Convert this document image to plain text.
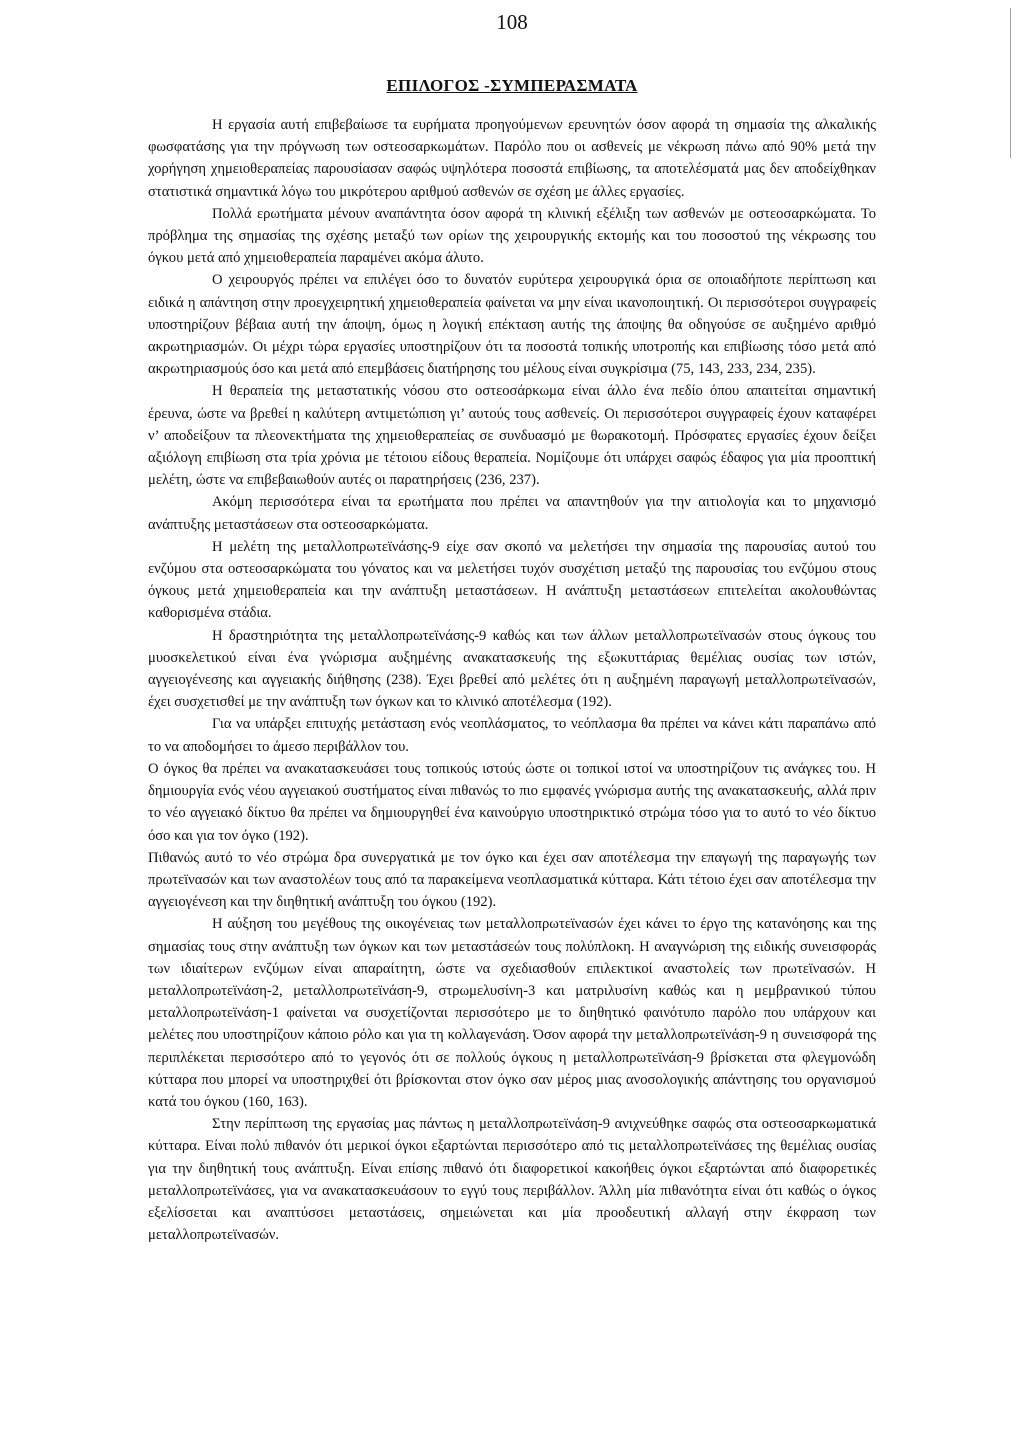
108
ΕΠΙΛΟΓΟΣ -ΣΥΜΠΕΡΑΣΜΑΤΑ

Η εργασία αυτή επιβεβαίωσε τα ευρήματα προηγούμενων ερευνητών όσον αφορά τη σημασία της αλκαλικής φωσφατάσης για την πρόγνωση των οστεοσαρκωμάτων. Παρόλο που οι ασθενείς με νέκρωση πάνω από 90% μετά την χορήγηση χημειοθεραπείας παρουσίασαν σαφώς υψηλότερα ποσοστά επιβίωσης, τα αποτελέσματά μας δεν αποδείχθηκαν στατιστικά σημαντικά λόγω του μικρότερου αριθμού ασθενών σε σχέση με άλλες εργασίες.

Πολλά ερωτήματα μένουν αναπάντητα όσον αφορά τη κλινική εξέλιξη των ασθενών με οστεοσαρκώματα. Το πρόβλημα της σημασίας της σχέσης μεταξύ των ορίων της χειρουργικής εκτομής και του ποσοστού της νέκρωσης του όγκου μετά από χημειοθεραπεία παραμένει ακόμα άλυτο.

Ο χειρουργός πρέπει να επιλέγει όσο το δυνατόν ευρύτερα χειρουργικά όρια σε οποιαδήποτε περίπτωση και ειδικά η απάντηση στην προεγχειρητική χημειοθεραπεία φαίνεται να μην είναι ικανοποιητική. Οι περισσότεροι συγγραφείς υποστηρίζουν βέβαια αυτή την άποψη, όμως η λογική επέκταση αυτής της άποψης θα οδηγούσε σε αυξημένο αριθμό ακρωτηριασμών. Οι μέχρι τώρα εργασίες υποστηρίζουν ότι τα ποσοστά τοπικής υποτροπής και επιβίωσης τόσο μετά από ακρωτηριασμούς όσο και μετά από επεμβάσεις διατήρησης του μέλους είναι συγκρίσιμα (75, 143, 233, 234, 235).

Η θεραπεία της μεταστατικής νόσου στο οστεοσάρκωμα είναι άλλο ένα πεδίο όπου απαιτείται σημαντική έρευνα, ώστε να βρεθεί η καλύτερη αντιμετώπιση γι’ αυτούς τους ασθενείς. Οι περισσότεροι συγγραφείς έχουν καταφέρει ν’ αποδείξουν τα πλεονεκτήματα της χημειοθεραπείας σε συνδυασμό με θωρακοτομή. Πρόσφατες εργασίες έχουν δείξει αξιόλογη επιβίωση στα τρία χρόνια με τέτοιου είδους θεραπεία. Νομίζουμε ότι υπάρχει σαφώς έδαφος για μία προοπτική μελέτη, ώστε να επιβεβαιωθούν αυτές οι παρατηρήσεις (236, 237).

Ακόμη περισσότερα είναι τα ερωτήματα που πρέπει να απαντηθούν για την αιτιολογία και το μηχανισμό ανάπτυξης μεταστάσεων στα οστεοσαρκώματα.

Η μελέτη της μεταλλοπρωτεϊνάσης-9 είχε σαν σκοπό να μελετήσει την σημασία της παρουσίας αυτού του ενζύμου στα οστεοσαρκώματα του γόνατος και να μελετήσει τυχόν συσχέτιση μεταξύ της παρουσίας του ενζύμου στους όγκους μετά χημειοθεραπεία και την ανάπτυξη μεταστάσεων. Η ανάπτυξη μεταστάσεων επιτελείται ακολουθώντας καθορισμένα στάδια.

Η δραστηριότητα της μεταλλοπρωτεϊνάσης-9 καθώς και των άλλων μεταλλοπρωτεϊνασών στους όγκους του μυοσκελετικού είναι ένα γνώρισμα αυξημένης ανακατασκευής της εξωκυττάριας θεμέλιας ουσίας των ιστών, αγγειογένεσης και αγγειακής διήθησης (238). Έχει βρεθεί από μελέτες ότι η αυξημένη παραγωγή μεταλλοπρωτεϊνασών, έχει συσχετισθεί με την ανάπτυξη των όγκων και το κλινικό αποτέλεσμα (192).

Για να υπάρξει επιτυχής μετάσταση ενός νεοπλάσματος, το νεόπλασμα θα πρέπει να κάνει κάτι παραπάνω από το να αποδομήσει το άμεσο περιβάλλον του.

Ο όγκος θα πρέπει να ανακατασκευάσει τους τοπικούς ιστούς ώστε οι τοπικοί ιστοί να υποστηρίζουν τις ανάγκες του. Η δημιουργία ενός νέου αγγειακού συστήματος είναι πιθανώς το πιο εμφανές γνώρισμα αυτής της ανακατασκευής, αλλά πριν το νέο αγγειακό δίκτυο θα πρέπει να δημιουργηθεί ένα καινούργιο υποστηρικτικό στρώμα τόσο για το αυτό το νέο δίκτυο όσο και για τον όγκο (192).

Πιθανώς αυτό το νέο στρώμα δρα συνεργατικά με τον όγκο και έχει σαν αποτέλεσμα την επαγωγή της παραγωγής των πρωτεϊνασών και των αναστολέων τους από τα παρακείμενα νεοπλασματικά κύτταρα. Κάτι τέτοιο έχει σαν αποτέλεσμα την αγγειογένεση και την διηθητική ανάπτυξη του όγκου (192).

Η αύξηση του μεγέθους της οικογένειας των μεταλλοπρωτεϊνασών έχει κάνει το έργο της κατανόησης και της σημασίας τους στην ανάπτυξη των όγκων και των μεταστάσεών τους πολύπλοκη. Η αναγνώριση της ειδικής συνεισφοράς των ιδιαίτερων ενζύμων είναι απαραίτητη, ώστε να σχεδιασθούν επιλεκτικοί αναστολείς των πρωτεϊνασών. Η μεταλλοπρωτεϊνάση-2, μεταλλοπρωτεϊνάση-9, στρωμελυσίνη-3 και ματριλυσίνη καθώς και η μεμβρανικού τύπου μεταλλοπρωτεϊνάση-1 φαίνεται να συσχετίζονται περισσότερο με το διηθητικό φαινότυπο παρόλο που υπάρχουν και μελέτες που υποστηρίζουν κάποιο ρόλο και για τη κολλαγενάση. Όσον αφορά την μεταλλοπρωτεϊνάση-9 η συνεισφορά της περιπλέκεται περισσότερο από το γεγονός ότι σε πολλούς όγκους η μεταλλοπρωτεϊνάση-9 βρίσκεται στα φλεγμονώδη κύτταρα που μπορεί να υποστηριχθεί ότι βρίσκονται στον όγκο σαν μέρος μιας ανοσολογικής απάντησης του οργανισμού κατά του όγκου (160, 163).

Στην περίπτωση της εργασίας μας πάντως η μεταλλοπρωτεϊνάση-9 ανιχνεύθηκε σαφώς στα οστεοσαρκωματικά κύτταρα. Είναι πολύ πιθανόν ότι μερικοί όγκοι εξαρτώνται περισσότερο από τις μεταλλοπρωτεϊνάσες της θεμέλιας ουσίας για την διηθητική τους ανάπτυξη. Είναι επίσης πιθανό ότι διαφορετικοί κακοήθεις όγκοι εξαρτώνται από διαφορετικές μεταλλοπρωτεϊνάσες, για να ανακατασκευάσουν το εγγύ τους περιβάλλον. Άλλη μία πιθανότητα είναι ότι καθώς ο όγκος εξελίσσεται και αναπτύσσει μεταστάσεις, σημειώνεται και μία προοδευτική αλλαγή στην έκφραση των μεταλλοπρωτεϊνασών.
